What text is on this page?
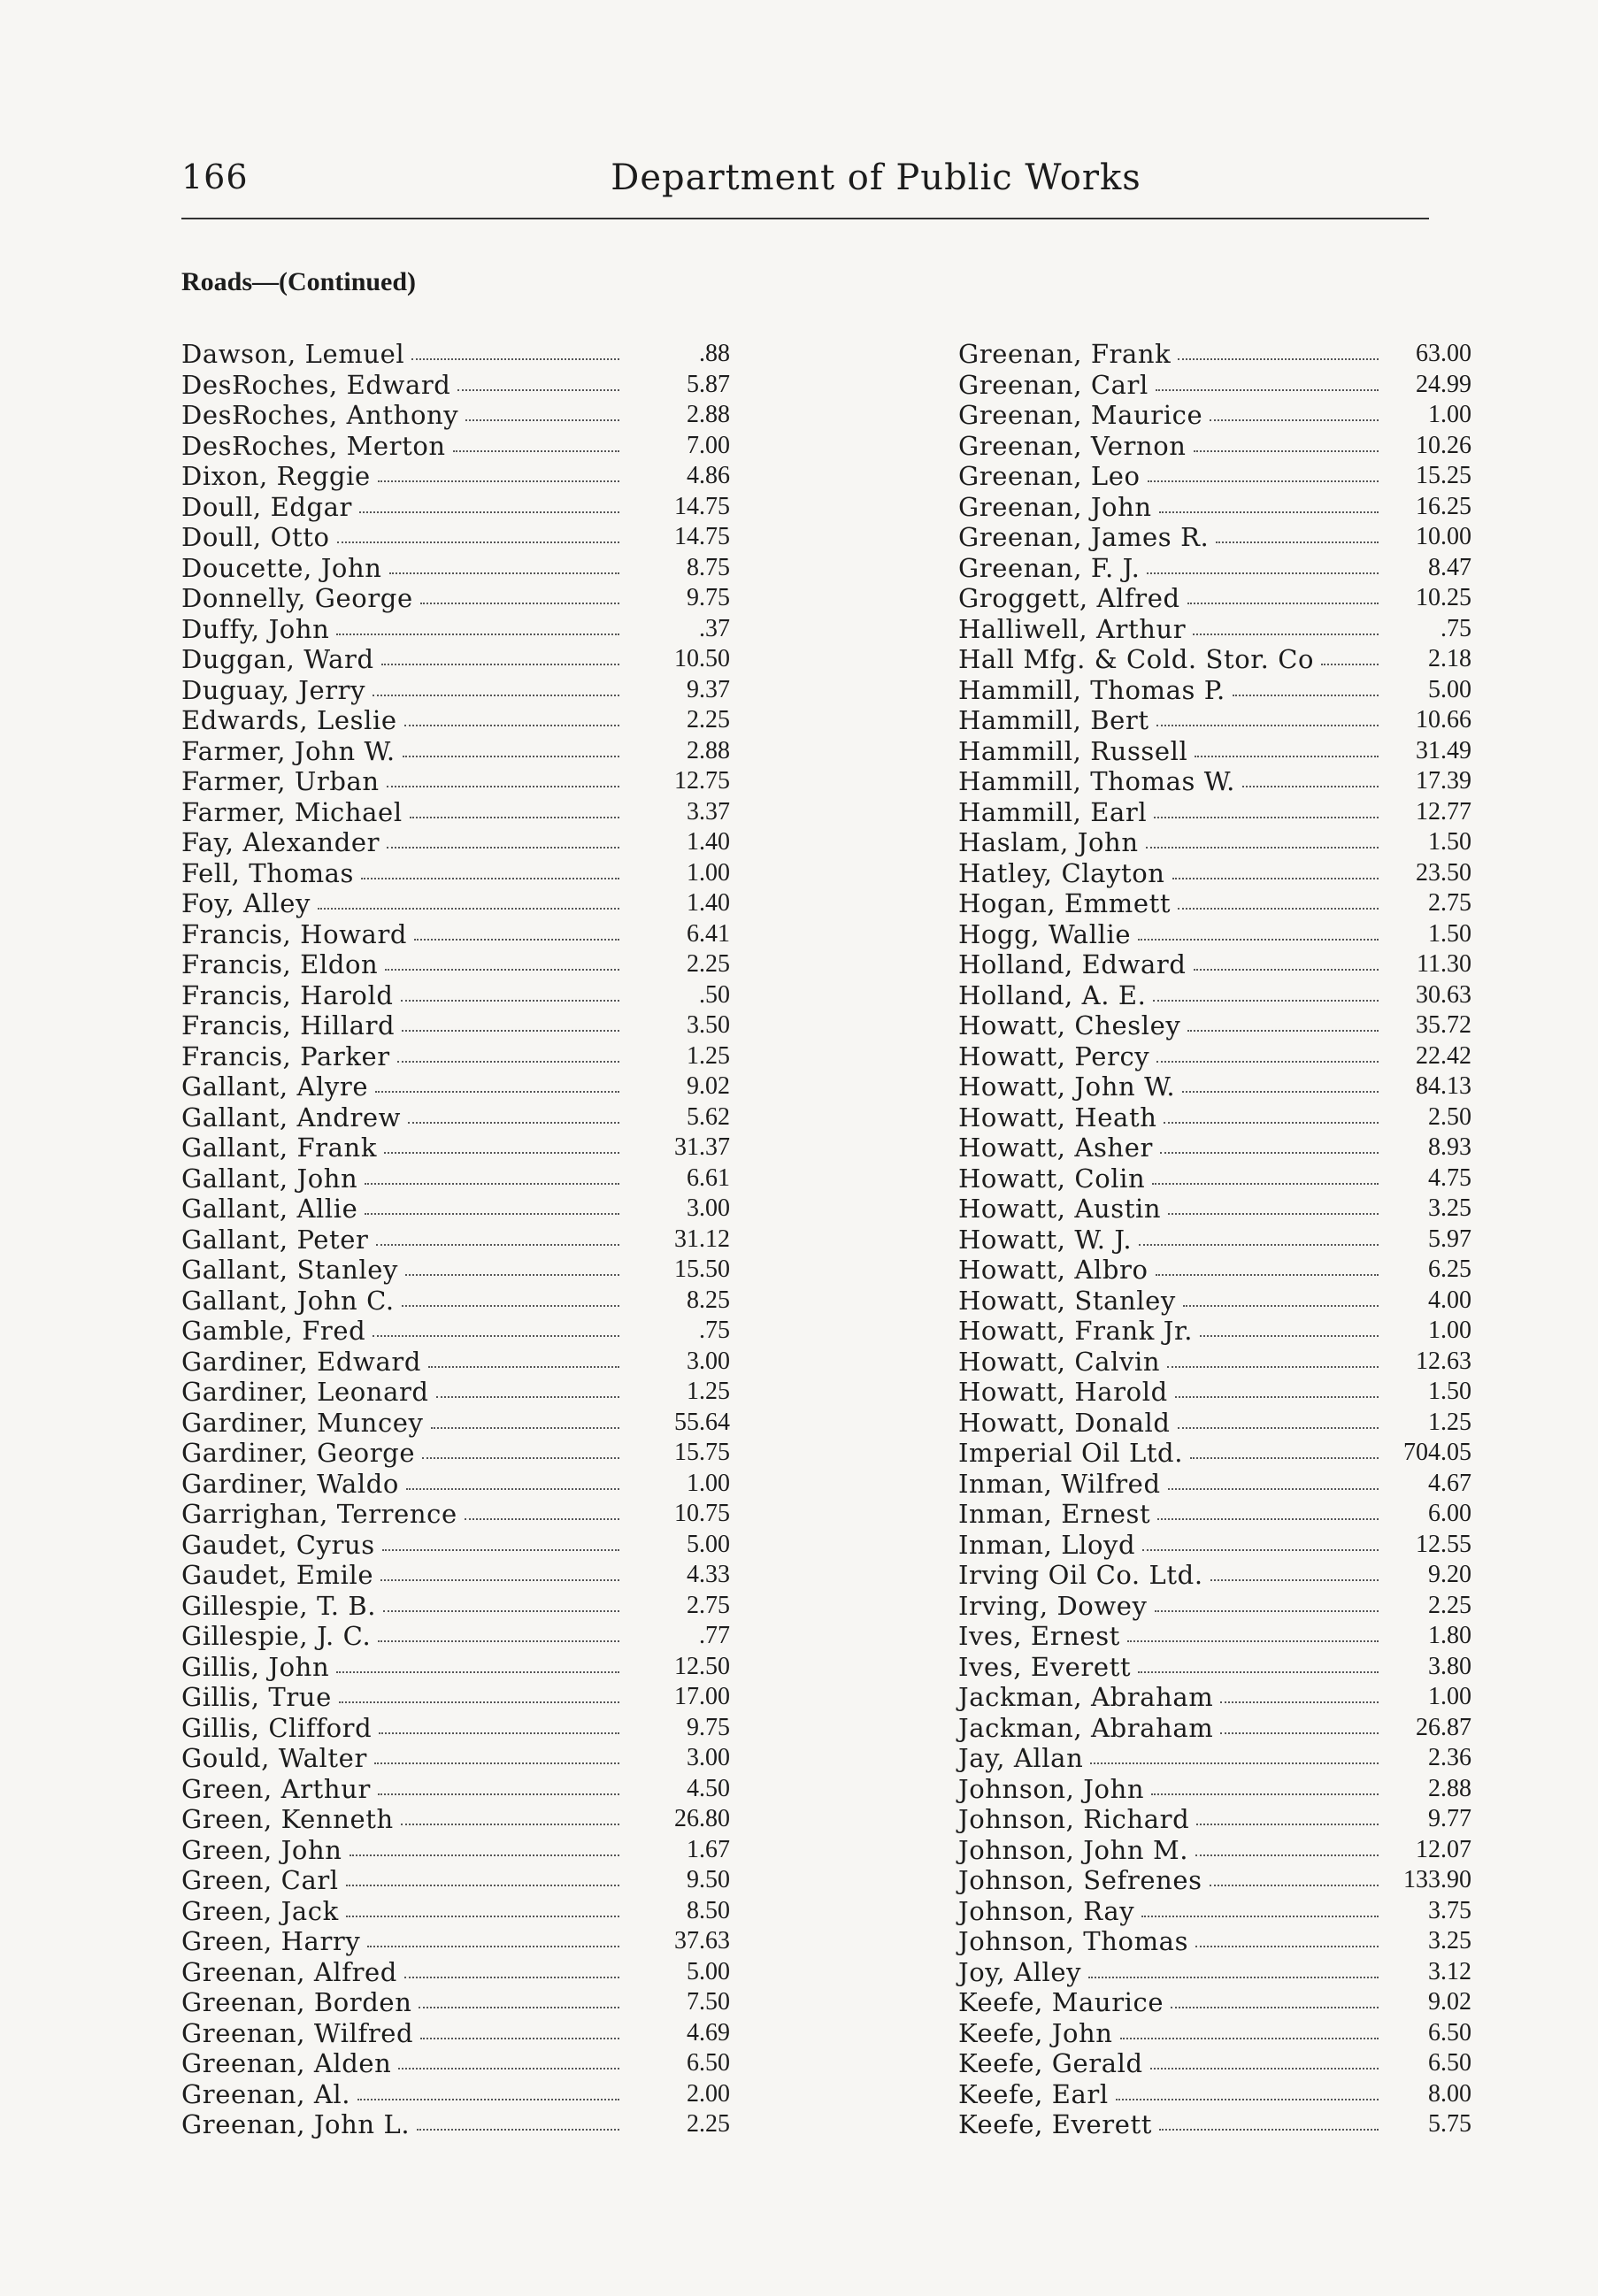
166	Department of Public Works
Roads—(Continued)
Dawson, Lemuel	.88
DesRoches, Edward	5.87
DesRoches, Anthony	2.88
DesRoches, Merton	7.00
Dixon, Reggie	4.86
Doull, Edgar	14.75
Doull, Otto	14.75
Doucette, John	8.75
Donnelly, George	9.75
Duffy, John	.37
Duggan, Ward	10.50
Duguay, Jerry	9.37
Edwards, Leslie	2.25
Farmer, John W.	2.88
Farmer, Urban	12.75
Farmer, Michael	3.37
Fay, Alexander	1.40
Fell, Thomas	1.00
Foy, Alley	1.40
Francis, Howard	6.41
Francis, Eldon	2.25
Francis, Harold	.50
Francis, Hillard	3.50
Francis, Parker	1.25
Gallant, Alyre	9.02
Gallant, Andrew	5.62
Gallant, Frank	31.37
Gallant, John	6.61
Gallant, Allie	3.00
Gallant, Peter	31.12
Gallant, Stanley	15.50
Gallant, John C.	8.25
Gamble, Fred	.75
Gardiner, Edward	3.00
Gardiner, Leonard	1.25
Gardiner, Muncey	55.64
Gardiner, George	15.75
Gardiner, Waldo	1.00
Garrighan, Terrence	10.75
Gaudet, Cyrus	5.00
Gaudet, Emile	4.33
Gillespie, T. B.	2.75
Gillespie, J. C.	.77
Gillis, John	12.50
Gillis, True	17.00
Gillis, Clifford	9.75
Gould, Walter	3.00
Green, Arthur	4.50
Green, Kenneth	26.80
Green, John	1.67
Green, Carl	9.50
Green, Jack	8.50
Green, Harry	37.63
Greenan, Alfred	5.00
Greenan, Borden	7.50
Greenan, Wilfred	4.69
Greenan, Alden	6.50
Greenan, Al.	2.00
Greenan, John L.	2.25
Greenan, Frank	63.00
Greenan, Carl	24.99
Greenan, Maurice	1.00
Greenan, Vernon	10.26
Greenan, Leo	15.25
Greenan, John	16.25
Greenan, James R.	10.00
Greenan, F. J.	8.47
Groggett, Alfred	10.25
Halliwell, Arthur	.75
Hall Mfg. & Cold. Stor. Co	2.18
Hammill, Thomas P.	5.00
Hammill, Bert	10.66
Hammill, Russell	31.49
Hammill, Thomas W.	17.39
Hammill, Earl	12.77
Haslam, John	1.50
Hatley, Clayton	23.50
Hogan, Emmett	2.75
Hogg, Wallie	1.50
Holland, Edward	11.30
Holland, A. E.	30.63
Howatt, Chesley	35.72
Howatt, Percy	22.42
Howatt, John W.	84.13
Howatt, Heath	2.50
Howatt, Asher	8.93
Howatt, Colin	4.75
Howatt, Austin	3.25
Howatt, W. J.	5.97
Howatt, Albro	6.25
Howatt, Stanley	4.00
Howatt, Frank Jr.	1.00
Howatt, Calvin	12.63
Howatt, Harold	1.50
Howatt, Donald	1.25
Imperial Oil Ltd.	704.05
Inman, Wilfred	4.67
Inman, Ernest	6.00
Inman, Lloyd	12.55
Irving Oil Co. Ltd.	9.20
Irving, Dowey	2.25
Ives, Ernest	1.80
Ives, Everett	3.80
Jackman, Abraham	1.00
Jackman, Abraham	26.87
Jay, Allan	2.36
Johnson, John	2.88
Johnson, Richard	9.77
Johnson, John M.	12.07
Johnson, Sefrenes	133.90
Johnson, Ray	3.75
Johnson, Thomas	3.25
Joy, Alley	3.12
Keefe, Maurice	9.02
Keefe, John	6.50
Keefe, Gerald	6.50
Keefe, Earl	8.00
Keefe, Everett	5.75
